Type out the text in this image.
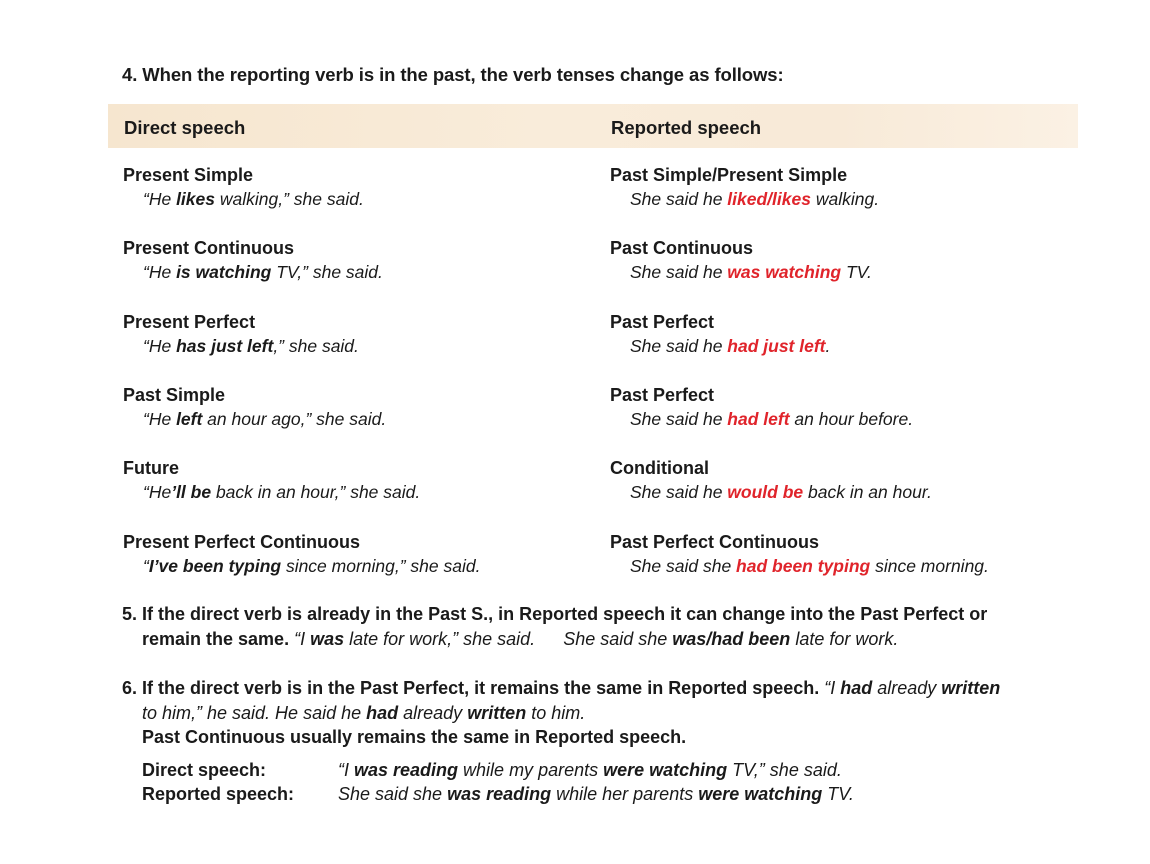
4. When the reporting verb is in the past, the verb tenses change as follows:
Direct speech	Reported speech
Present Simple
“He likes walking,” she said.
Past Simple/Present Simple
She said he liked/likes walking.
Present Continuous
“He is watching TV,” she said.
Past Continuous
She said he was watching TV.
Present Perfect
“He has just left,” she said.
Past Perfect
She said he had just left.
Past Simple
“He left an hour ago,” she said.
Past Perfect
She said he had left an hour before.
Future
“He’ll be back in an hour,” she said.
Conditional
She said he would be back in an hour.
Present Perfect Continuous
“I’ve been typing since morning,” she said.
Past Perfect Continuous
She said she had been typing since morning.
5. If the direct verb is already in the Past S., in Reported speech it can change into the Past Perfect or
remain the same. “I was late for work,” she said. She said she was/had been late for work.
6. If the direct verb is in the Past Perfect, it remains the same in Reported speech. “I had already written
to him,” he said. He said he had already written to him.
Past Continuous usually remains the same in Reported speech.
Direct speech:	“I was reading while my parents were watching TV,” she said.
Reported speech: She said she was reading while her parents were watching TV.
